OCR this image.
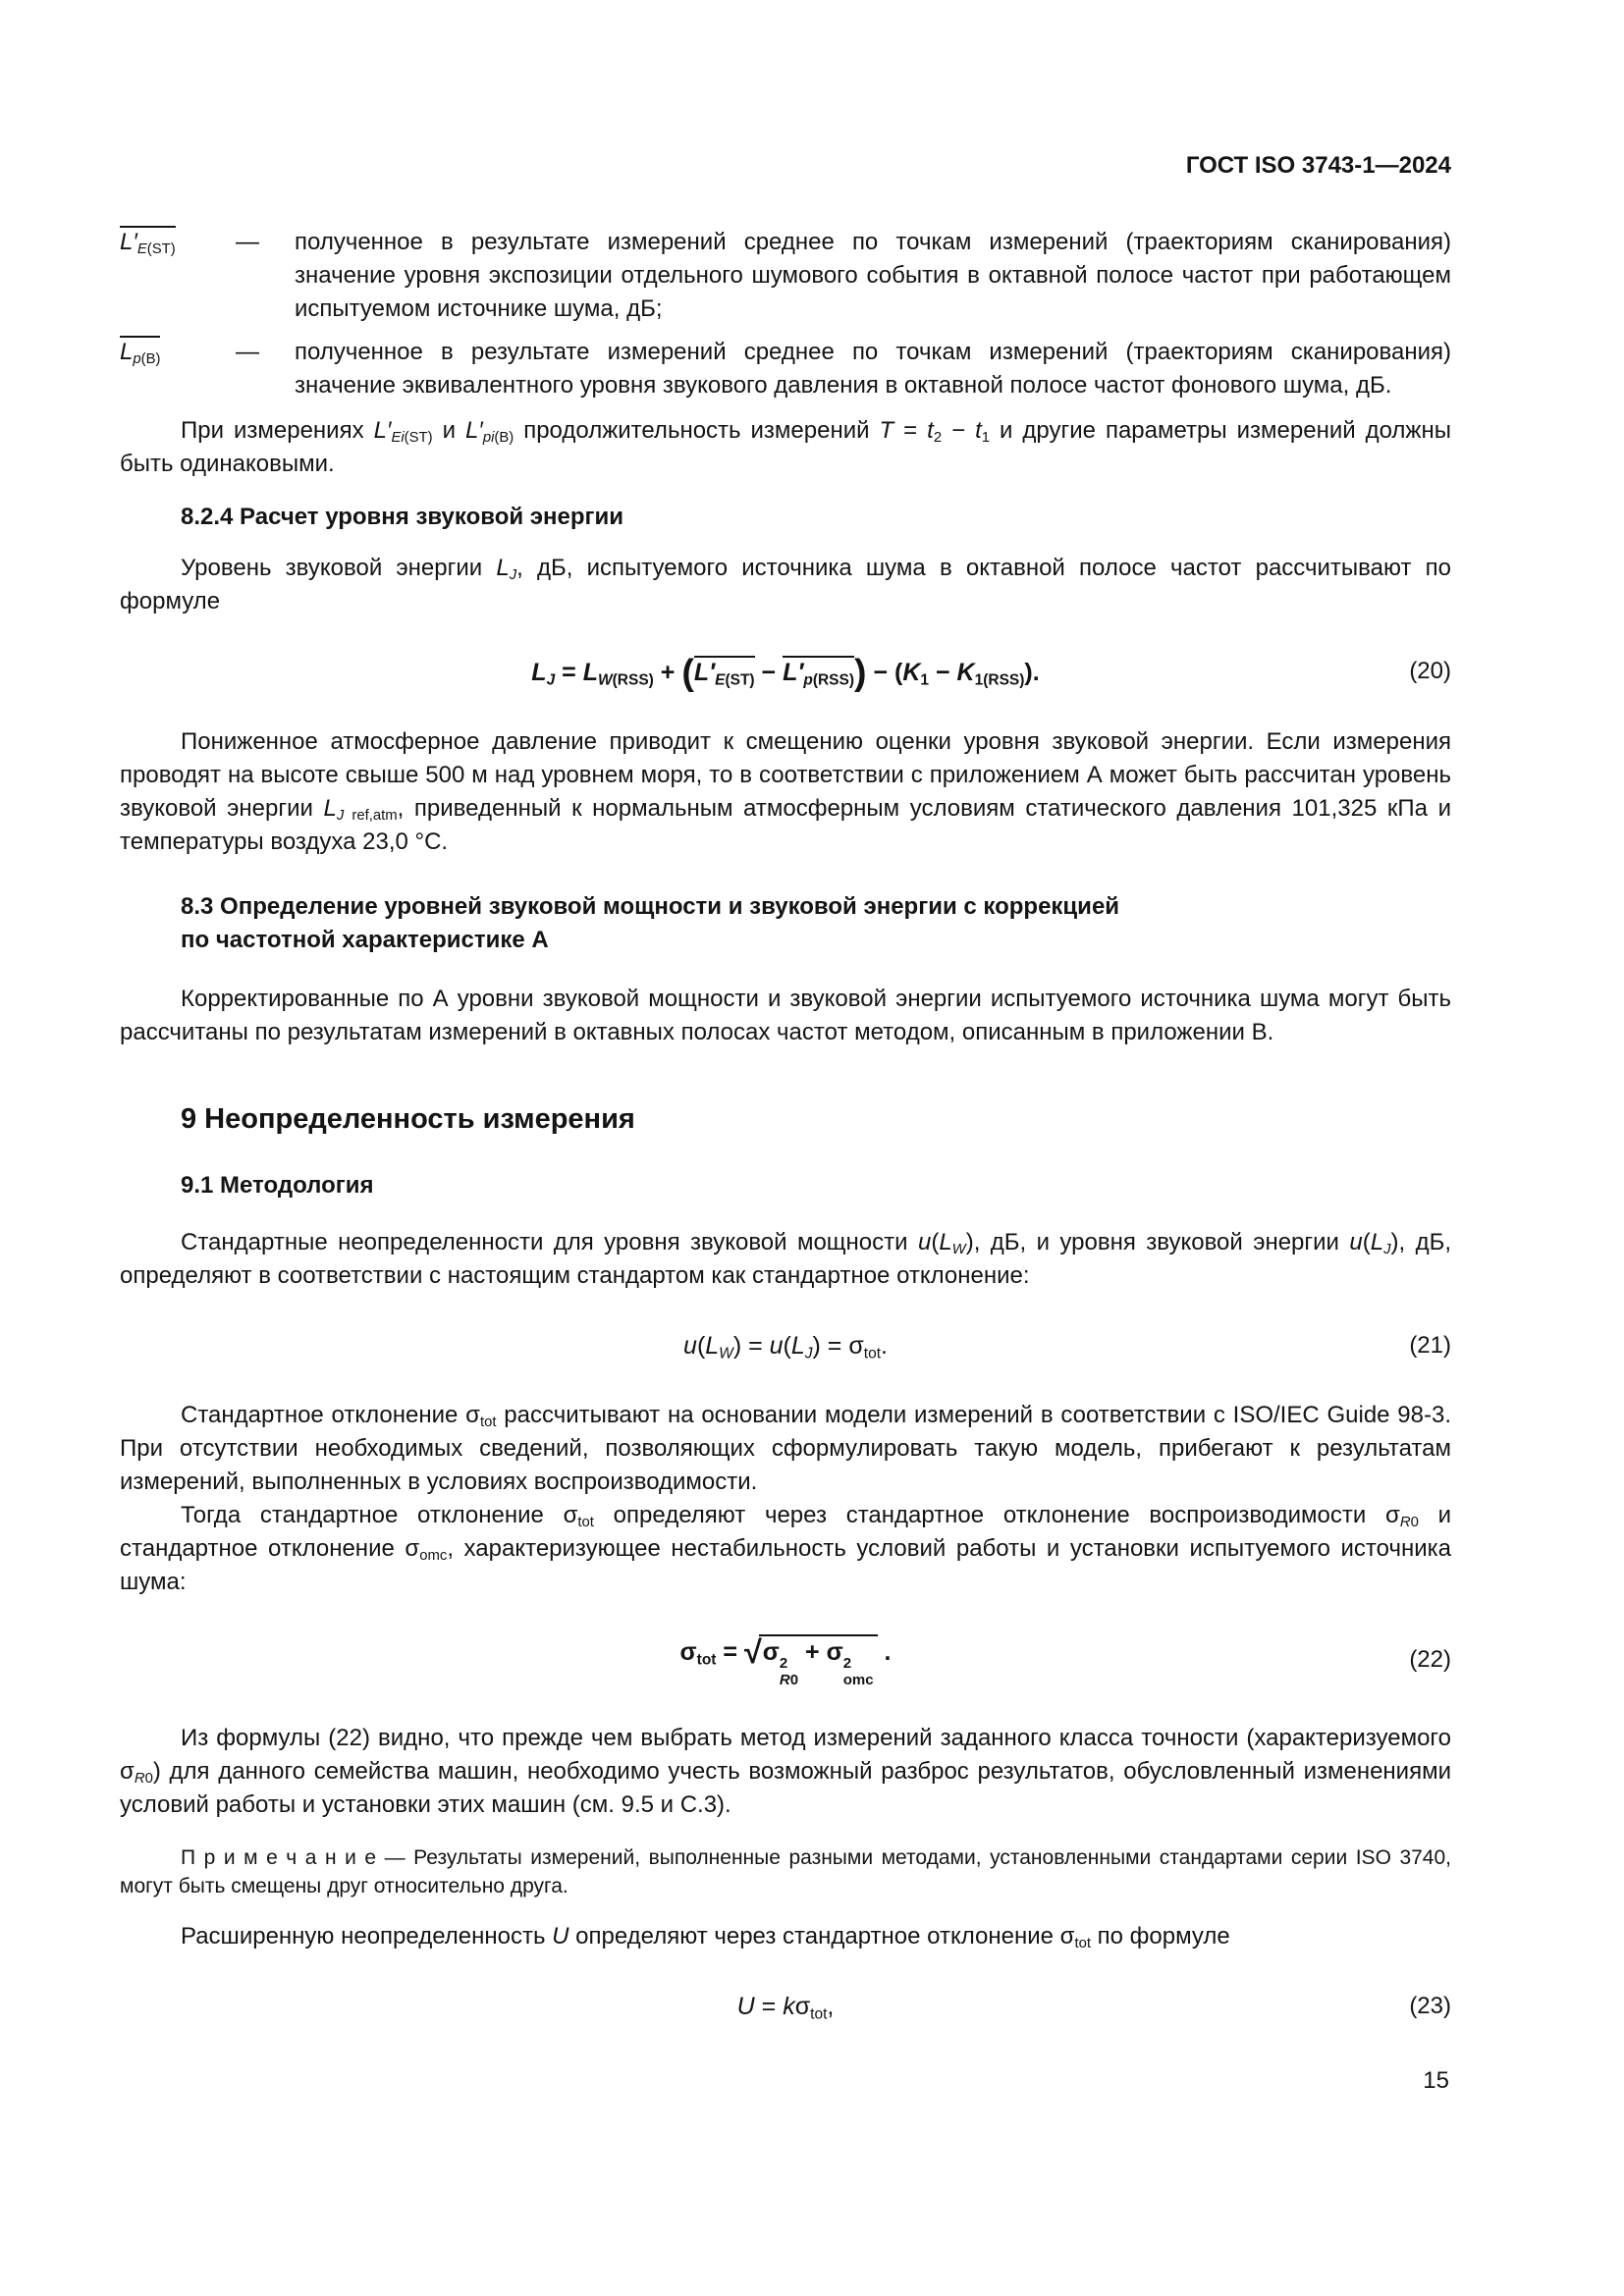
ГОСТ ISO 3743-1—2024
$L'_{E(ST)}$	—	полученное в результате измерений среднее по точкам измерений (траекториям сканирования) значение уровня экспозиции отдельного шумового события в октавной полосе частот при работающем испытуемом источнике шума, дБ;
$L_{p(B)}$	—	полученное в результате измерений среднее по точкам измерений (траекториям сканирования) значение эквивалентного уровня звукового давления в октавной полосе частот фонового шума, дБ.

При измерениях $L'_{Ei(ST)}$ и $L'_{pi(B)}$ продолжительность измерений $T = t_2 - t_1$ и другие параметры измерений должны быть одинаковыми.

8.2.4 Расчет уровня звуковой энергии

Уровень звуковой энергии $L_J$, дБ, испытуемого источника шума в октавной полосе частот рассчитывают по формуле

$L_J = L_{W(RSS)} + (L'_{E(ST)} - L'_{p(RSS)}) - (K_1 - K_{1(RSS)})$.	(20)

Пониженное атмосферное давление приводит к смещению оценки уровня звуковой энергии. Если измерения проводят на высоте свыше 500 м над уровнем моря, то в соответствии с приложением А может быть рассчитан уровень звуковой энергии $L_{J ref,atm}$, приведенный к нормальным атмосферным условиям статического давления 101,325 кПа и температуры воздуха 23,0 °С.

8.3 Определение уровней звуковой мощности и звуковой энергии с коррекцией по частотной характеристике А

Корректированные по А уровни звуковой мощности и звуковой энергии испытуемого источника шума могут быть рассчитаны по результатам измерений в октавных полосах частот методом, описанным в приложении В.

9 Неопределенность измерения
9.1 Методология

Стандартные неопределенности для уровня звуковой мощности $u(L_W)$, дБ, и уровня звуковой энергии $u(L_J)$, дБ, определяют в соответствии с настоящим стандартом как стандартное отклонение:

$u(L_W) = u(L_J) = \sigma_{tot}$.	(21)

Стандартное отклонение $\sigma_{tot}$ рассчитывают на основании модели измерений в соответствии с ISO/IEC Guide 98-3. При отсутствии необходимых сведений, позволяющих сформулировать такую модель, прибегают к результатам измерений, выполненных в условиях воспроизводимости.

Тогда стандартное отклонение $\sigma_{tot}$ определяют через стандартное отклонение воспроизводимости $\sigma_{R0}$ и стандартное отклонение $\sigma_{omc}$, характеризующее нестабильность условий работы и установки испытуемого источника шума:

$\sigma_{tot} = √\sigma$ 2
R0
+ σ 2
omc
.	(22)

Из формулы (22) видно, что прежде чем выбрать метод измерений заданного класса точности (характеризуемого $\sigma_{R0}$) для данного семейства машин, необходимо учесть возможный разброс результатов, обусловленный изменениями условий работы и установки этих машин (см. 9.5 и С.3).

П р и м е ч а н и е — Результаты измерений, выполненные разными методами, установленными стандартами серии ISO 3740, могут быть смещены друг относительно друга.

Расширенную неопределенность U определяют через стандартное отклонение $\sigma_{tot}$ по формуле

$U = k\sigma_{tot}$,	(23)
15
